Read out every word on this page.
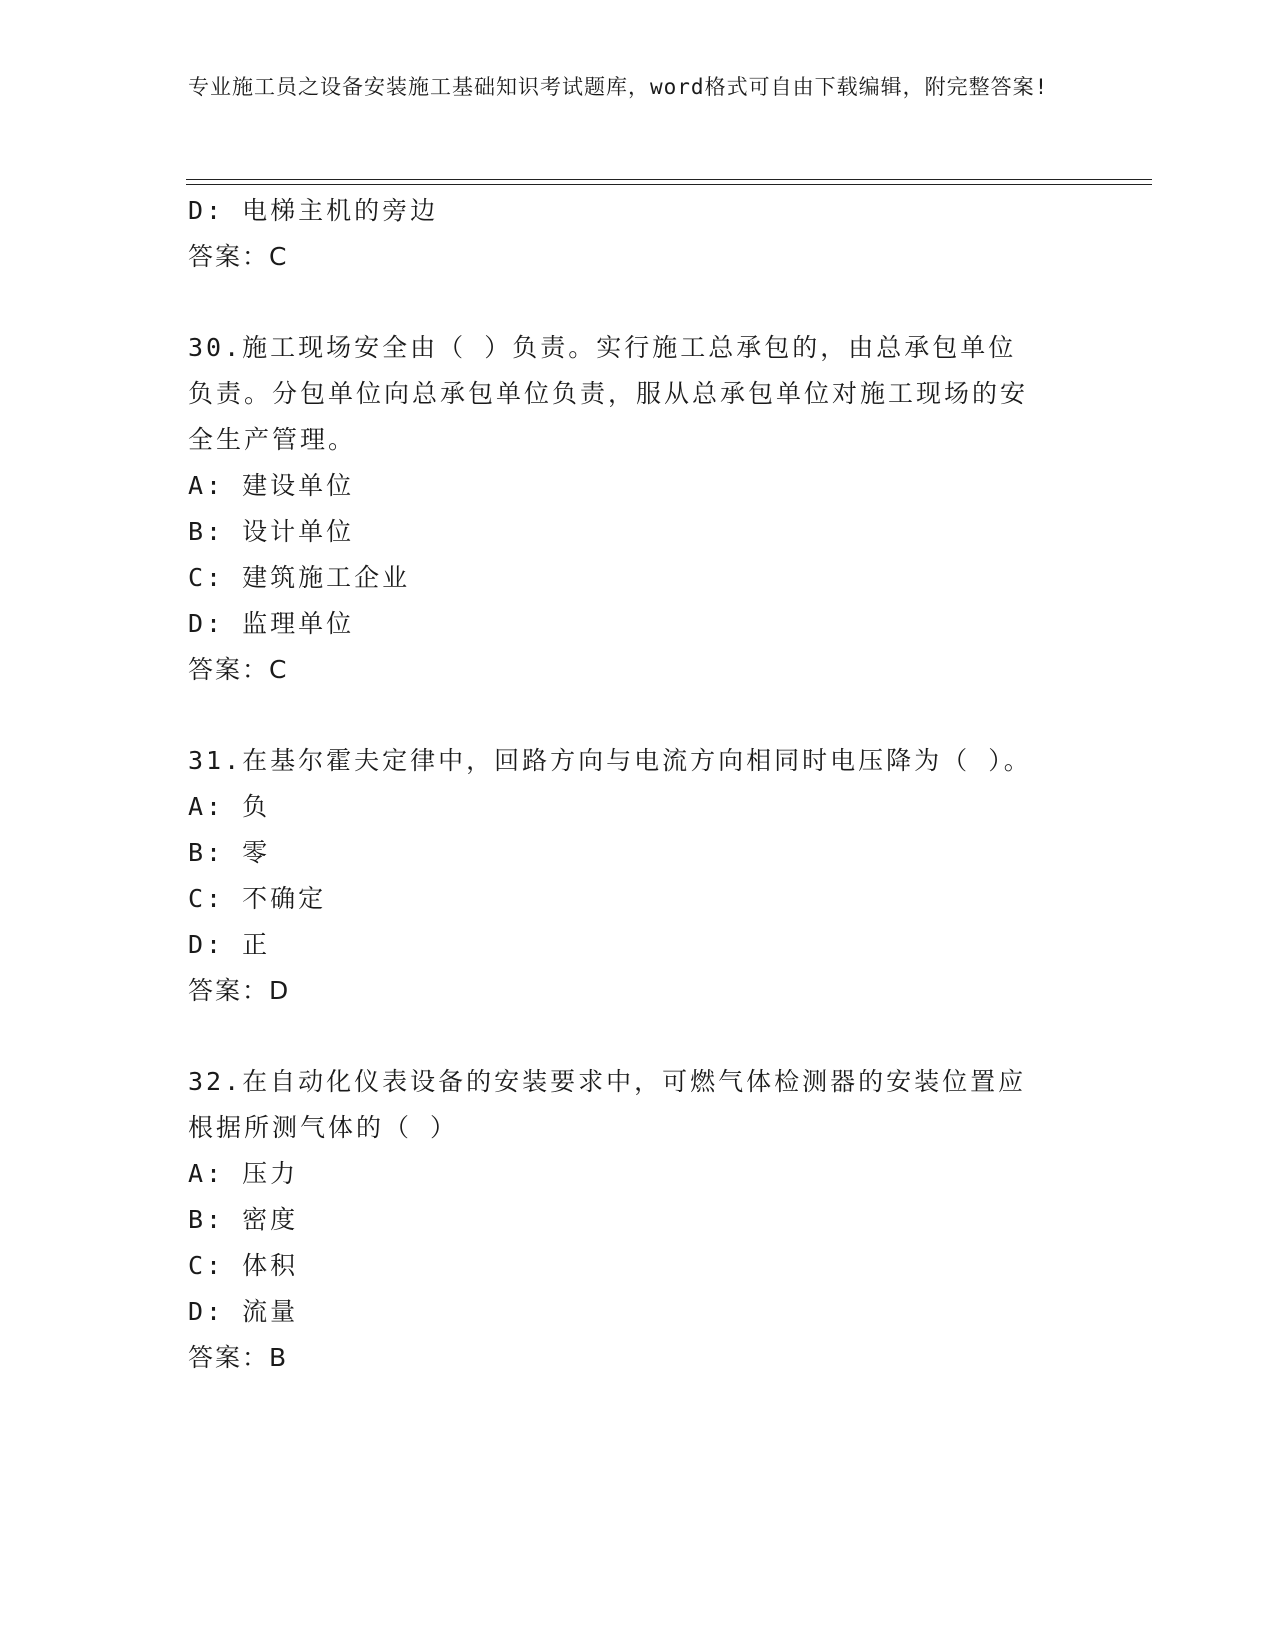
专业施工员之设备安装施工基础知识考试题库，word格式可自由下载编辑，附完整答案!
D: 电梯主机的旁边
答案：C
30.施工现场安全由（ ）负责。实行施工总承包的，由总承包单位负责。分包单位向总承包单位负责，服从总承包单位对施工现场的安全生产管理。
A: 建设单位
B: 设计单位
C: 建筑施工企业
D: 监理单位
答案：C
31.在基尔霍夫定律中，回路方向与电流方向相同时电压降为（ ）。
A: 负
B: 零
C: 不确定
D: 正
答案：D
32.在自动化仪表设备的安装要求中，可燃气体检测器的安装位置应根据所测气体的（ ）
A: 压力
B: 密度
C: 体积
D: 流量
答案：B
